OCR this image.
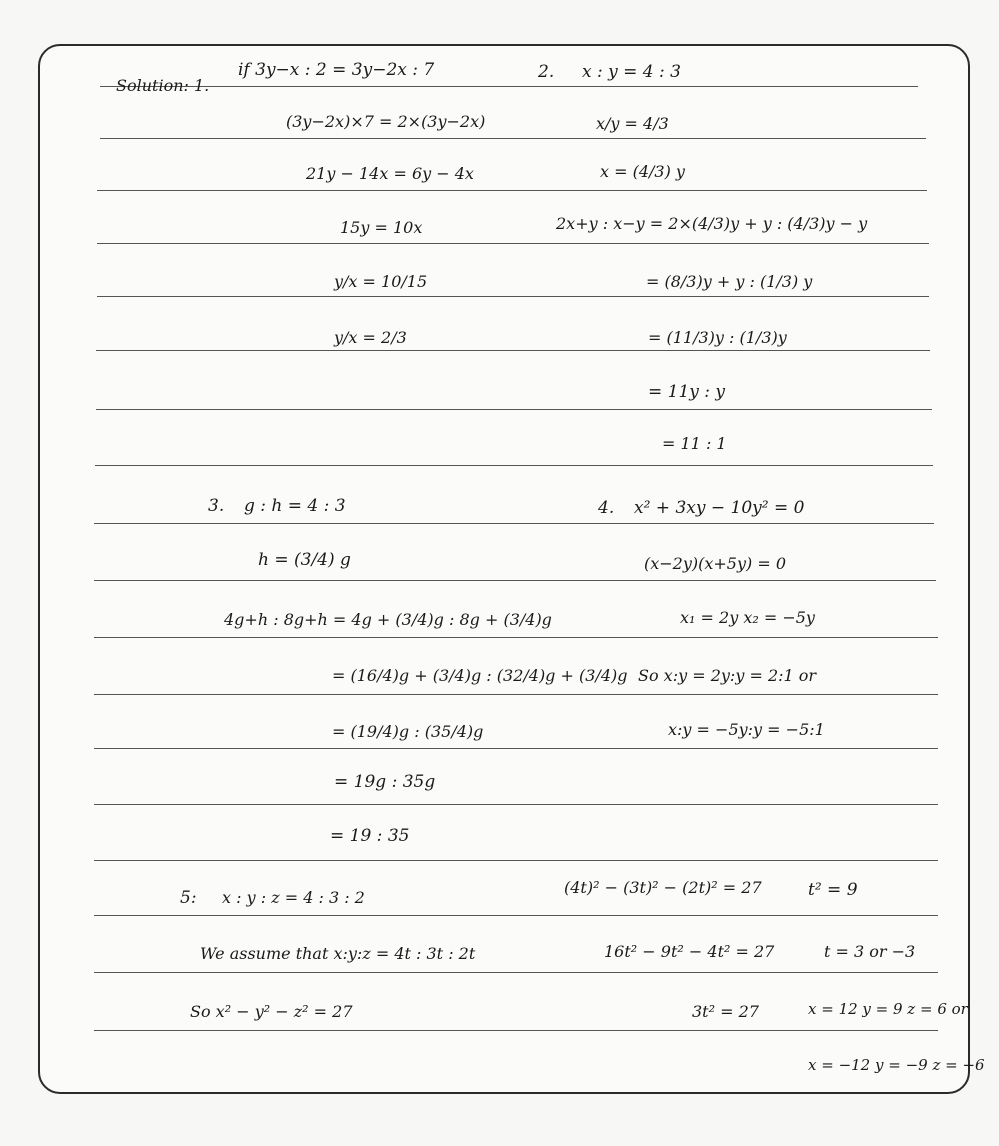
Solution: 1.
if 3y−x : 2 = 3y−2x : 7
(3y−2x)×7 = 2×(3y−2x)
21y − 14x = 6y − 4x
15y = 10x
y/x = 10/15
y/x = 2/3
2. x : y = 4 : 3
x/y = 4/3
x = (4/3) y
2x+y : x−y = 2×(4/3)y + y : (4/3)y − y
= (8/3)y + y : (1/3) y
= (11/3)y : (1/3)y
= 11y : y
= 11 : 1
3. g : h = 4 : 3
h = (3/4) g
4g+h : 8g+h = 4g + (3/4)g : 8g + (3/4)g
= (16/4)g + (3/4)g : (32/4)g + (3/4)g
= (19/4)g : (35/4)g
= 19g : 35g
= 19 : 35
4. x² + 3xy − 10y² = 0
(x−2y)(x+5y) = 0
x₁ = 2y x₂ = −5y
So x:y = 2y:y = 2:1 or
x:y = −5y:y = −5:1
5: x : y : z = 4 : 3 : 2
We assume that x:y:z = 4t : 3t : 2t
So x² − y² − z² = 27
(4t)² − (3t)² − (2t)² = 27
16t² − 9t² − 4t² = 27
3t² = 27
t² = 9
t = 3 or −3
x = 12 y = 9 z = 6 or
x = −12 y = −9 z = −6
